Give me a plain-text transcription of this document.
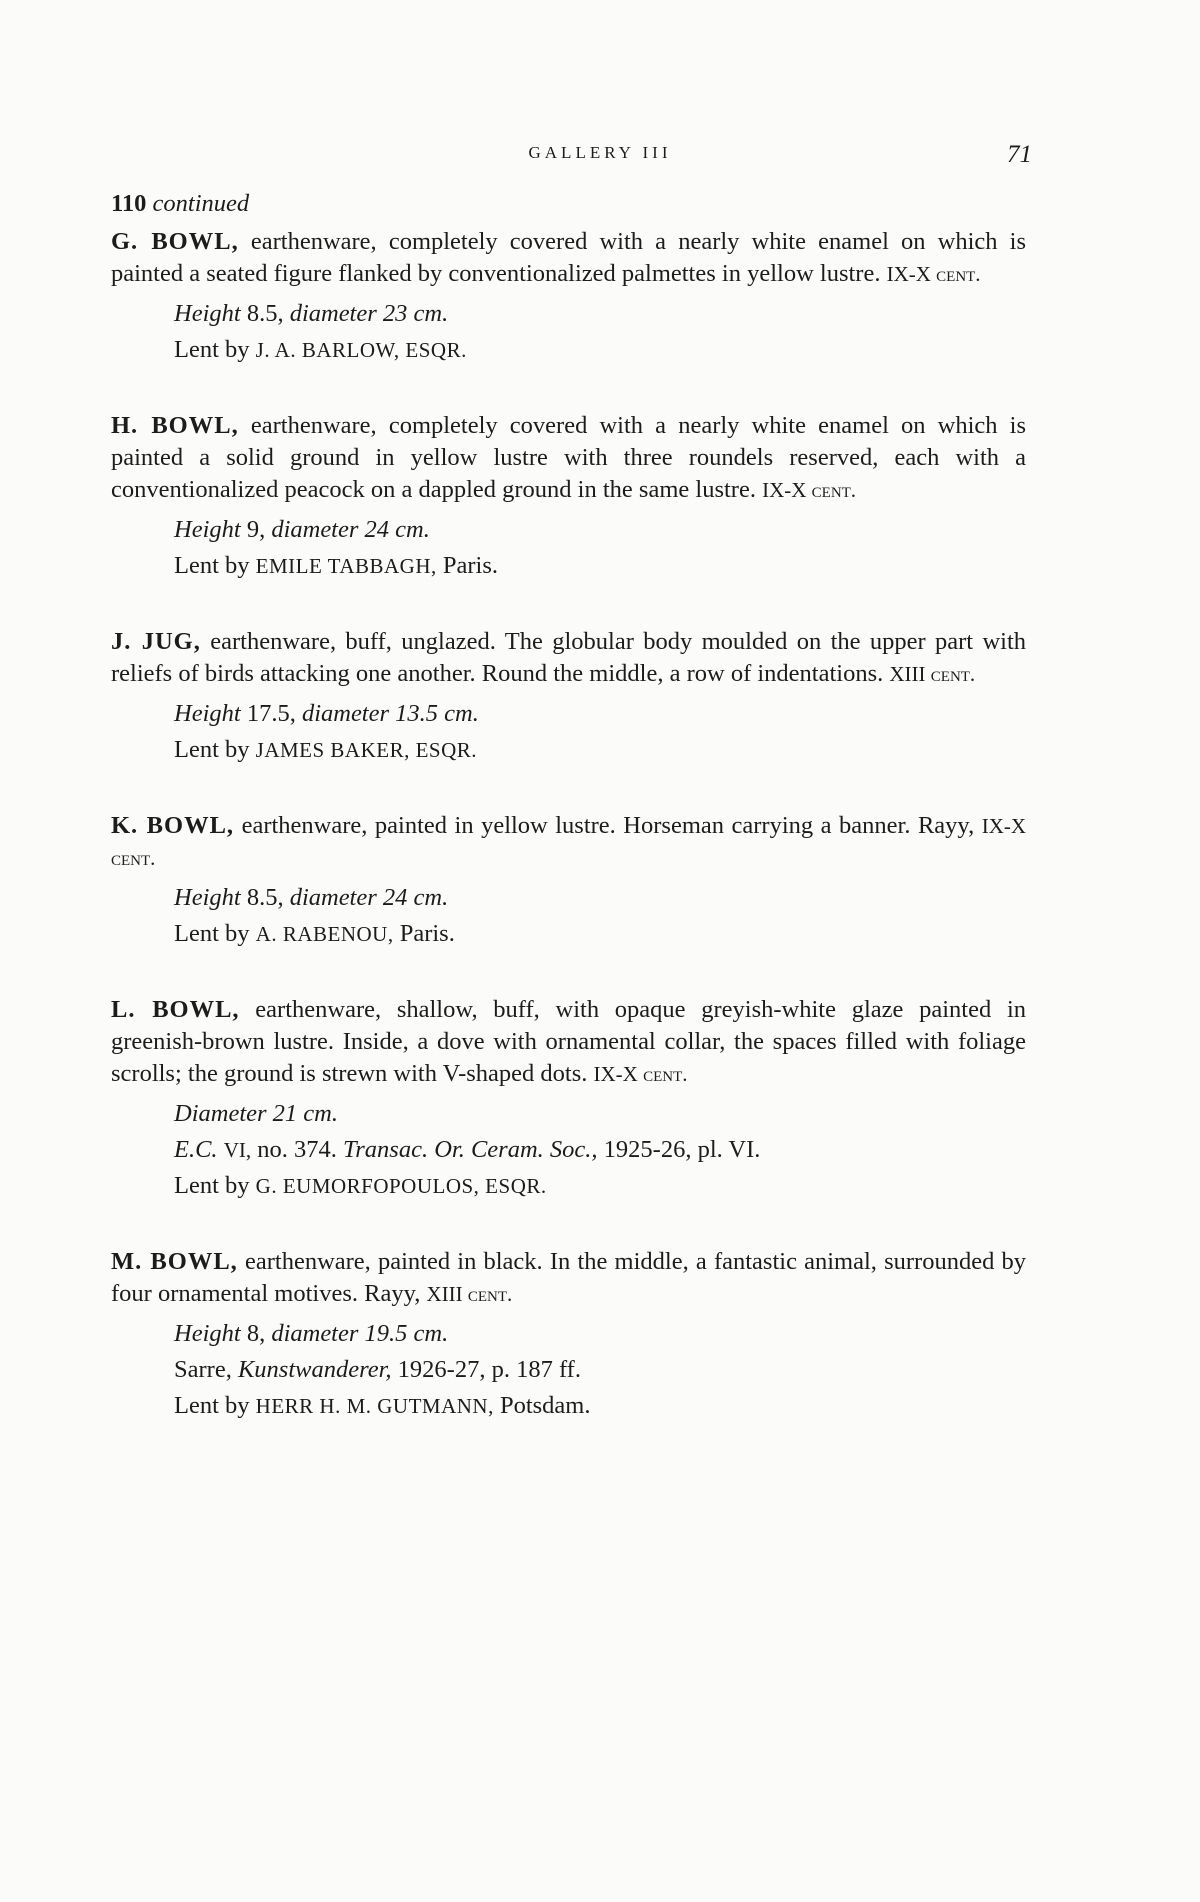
GALLERY III	71
110 continued

G. BOWL, earthenware, completely covered with a nearly white enamel on which is painted a seated figure flanked by conventionalized palmettes in yellow lustre. IX-X cent.

Height 8.5, diameter 23 cm.

Lent by J. A. BARLOW, ESQR.

H. BOWL, earthenware, completely covered with a nearly white enamel on which is painted a solid ground in yellow lustre with three roundels reserved, each with a conventionalized peacock on a dappled ground in the same lustre. IX-X cent.

Height 9, diameter 24 cm.

Lent by EMILE TABBAGH, Paris.

J. JUG, earthenware, buff, unglazed. The globular body moulded on the upper part with reliefs of birds attacking one another. Round the middle, a row of indentations. XIII cent.

Height 17.5, diameter 13.5 cm.

Lent by JAMES BAKER, ESQR.

K. BOWL, earthenware, painted in yellow lustre. Horseman carrying a banner. Rayy, IX-X cent.

Height 8.5, diameter 24 cm.

Lent by A. RABENOU, Paris.

L. BOWL, earthenware, shallow, buff, with opaque greyish-white glaze painted in greenish-brown lustre. Inside, a dove with ornamental collar, the spaces filled with foliage scrolls; the ground is strewn with V-shaped dots. IX-X cent.

Diameter 21 cm.

E.C. VI, no. 374. Transac. Or. Ceram. Soc., 1925-26, pl. VI.

Lent by G. EUMORFOPOULOS, ESQR.

M. BOWL, earthenware, painted in black. In the middle, a fantastic animal, surrounded by four ornamental motives. Rayy, XIII cent.

Height 8, diameter 19.5 cm.

Sarre, Kunstwanderer, 1926-27, p. 187 ff.

Lent by HERR H. M. GUTMANN, Potsdam.
